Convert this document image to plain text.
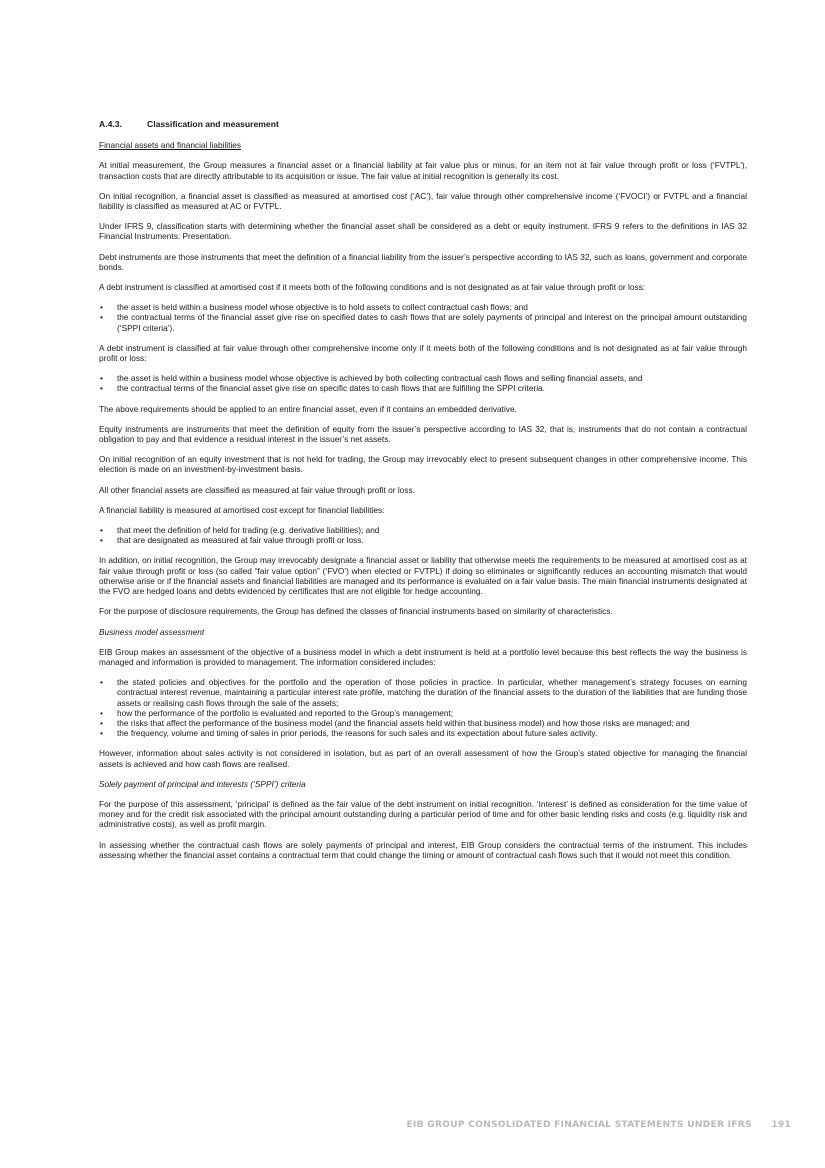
A.4.3.	Classification and measurement
Financial assets and financial liabilities

At initial measurement, the Group measures a financial asset or a financial liability at fair value plus or minus, for an item not at fair value through profit or loss (‘FVTPL’), transaction costs that are directly attributable to its acquisition or issue. The fair value at initial recognition is generally its cost.

On initial recognition, a financial asset is classified as measured at amortised cost (‘AC’), fair value through other comprehensive income (‘FVOCI’) or FVTPL and a financial liability is classified as measured at AC or FVTPL.

Under IFRS 9, classification starts with determining whether the financial asset shall be considered as a debt or equity instrument. IFRS 9 refers to the definitions in IAS 32 Financial Instruments: Presentation.

Debt instruments are those instruments that meet the definition of a financial liability from the issuer’s perspective according to IAS 32, such as loans, government and corporate bonds.

A debt instrument is classified at amortised cost if it meets both of the following conditions and is not designated as at fair value through profit or loss:

• the asset is held within a business model whose objective is to hold assets to collect contractual cash flows; and
• the contractual terms of the financial asset give rise on specified dates to cash flows that are solely payments of principal and interest on the principal amount outstanding (‘SPPI criteria’).

A debt instrument is classified at fair value through other comprehensive income only if it meets both of the following conditions and is not designated as at fair value through profit or loss:

• the asset is held within a business model whose objective is achieved by both collecting contractual cash flows and selling financial assets, and
• the contractual terms of the financial asset give rise on specific dates to cash flows that are fulfilling the SPPI criteria.

The above requirements should be applied to an entire financial asset, even if it contains an embedded derivative.

Equity instruments are instruments that meet the definition of equity from the issuer’s perspective according to IAS 32, that is, instruments that do not contain a contractual obligation to pay and that evidence a residual interest in the issuer’s net assets.

On initial recognition of an equity investment that is not held for trading, the Group may irrevocably elect to present subsequent changes in other comprehensive income. This election is made on an investment-by-investment basis.

All other financial assets are classified as measured at fair value through profit or loss.

A financial liability is measured at amortised cost except for financial liabilities:

• that meet the definition of held for trading (e.g. derivative liabilities); and
• that are designated as measured at fair value through profit or loss.

In addition, on initial recognition, the Group may irrevocably designate a financial asset or liability that otherwise meets the requirements to be measured at amortised cost as at fair value through profit or loss (so called “fair value option” (‘FVO’) when elected or FVTPL) if doing so eliminates or significantly reduces an accounting mismatch that would otherwise arise or if the financial assets and financial liabilities are managed and its performance is evaluated on a fair value basis. The main financial instruments designated at the FVO are hedged loans and debts evidenced by certificates that are not eligible for hedge accounting.

For the purpose of disclosure requirements, the Group has defined the classes of financial instruments based on similarity of characteristics.

Business model assessment

EIB Group makes an assessment of the objective of a business model in which a debt instrument is held at a portfolio level because this best reflects the way the business is managed and information is provided to management. The information considered includes:

• the stated policies and objectives for the portfolio and the operation of those policies in practice. In particular, whether management’s strategy focuses on earning contractual interest revenue, maintaining a particular interest rate profile, matching the duration of the financial assets to the duration of the liabilities that are funding those assets or realising cash flows through the sale of the assets;
• how the performance of the portfolio is evaluated and reported to the Group’s management;
• the risks that affect the performance of the business model (and the financial assets held within that business model) and how those risks are managed; and
• the frequency, volume and timing of sales in prior periods, the reasons for such sales and its expectation about future sales activity.

However, information about sales activity is not considered in isolation, but as part of an overall assessment of how the Group’s stated objective for managing the financial assets is achieved and how cash flows are realised.

Solely payment of principal and interests (‘SPPI’) criteria

For the purpose of this assessment, ‘principal’ is defined as the fair value of the debt instrument on initial recognition. ‘Interest’ is defined as consideration for the time value of money and for the credit risk associated with the principal amount outstanding during a particular period of time and for other basic lending risks and costs (e.g. liquidity risk and administrative costs), as well as profit margin.

In assessing whether the contractual cash flows are solely payments of principal and interest, EIB Group considers the contractual terms of the instrument. This includes assessing whether the financial asset contains a contractual term that could change the timing or amount of contractual cash flows such that it would not meet this condition.

EIB GROUP CONSOLIDATED FINANCIAL STATEMENTS UNDER IFRS 191
